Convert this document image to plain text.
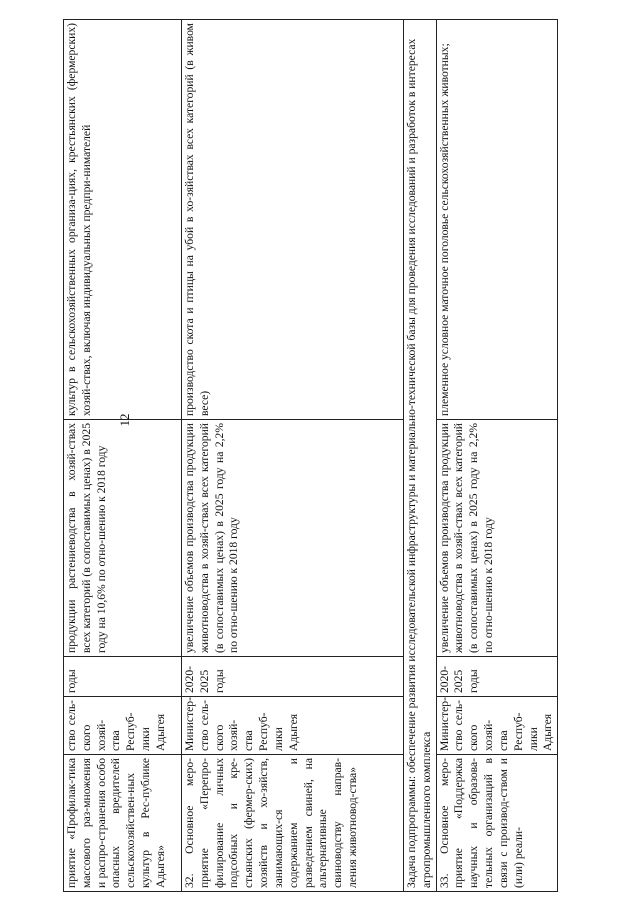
12
приятие «Профилак-тика массового раз-множения и распро-странения особо опасных вредителей сельскохозяйствен-ных культур в Рес-публике Адыгея»	ство сель-ского хозяй-ства Респуб-лики Адыгея	годы	продукции растениеводства в хозяй-ствах всех категорий (в сопоставимых ценах) в 2025 году на 10,6% по отно-шению к 2018 году	культур в сельскохозяйственных организа-циях, крестьянских (фермерских) хозяй-ствах, включая индивидуальных предпри-нимателей
32. Основное меро-приятие «Перепро-филирование личных подсобных и кре-стьянских (фермер-ских) хозяйств и хо-зяйств, занимающих-ся содержанием и разведением свиней, на альтернативные свиноводству направ-ления животновод-ства»	Министер-ство сель-ского хозяй-ства Респуб-лики Адыгея	2020-2025 годы	увеличение объемов производства продукции животноводства в хозяй-ствах всех категорий (в сопоставимых ценах) в 2025 году на 2,2% по отно-шению к 2018 году	производство скота и птицы на убой в хо-зяйствах всех категорий (в живом весе)
Задача подпрограммы: обеспечение развития исследовательской инфраструктуры и материально-технической базы для проведения исследований и разработок в интересах агропромышленного комплекса				
33. Основное меро-приятие «Поддержка научных и образова-тельных организаций в связи с производ-ством и (или) реали-	Министер-ство сель-ского хозяй-ства Респуб-лики Адыгея	2020-2025 годы	увеличение объемов производства продукции животноводства в хозяй-ствах всех категорий (в сопоставимых ценах) в 2025 году на 2,2% по отно-шению к 2018 году	племенное условное маточное поголовье сельскохозяйственных животных;
